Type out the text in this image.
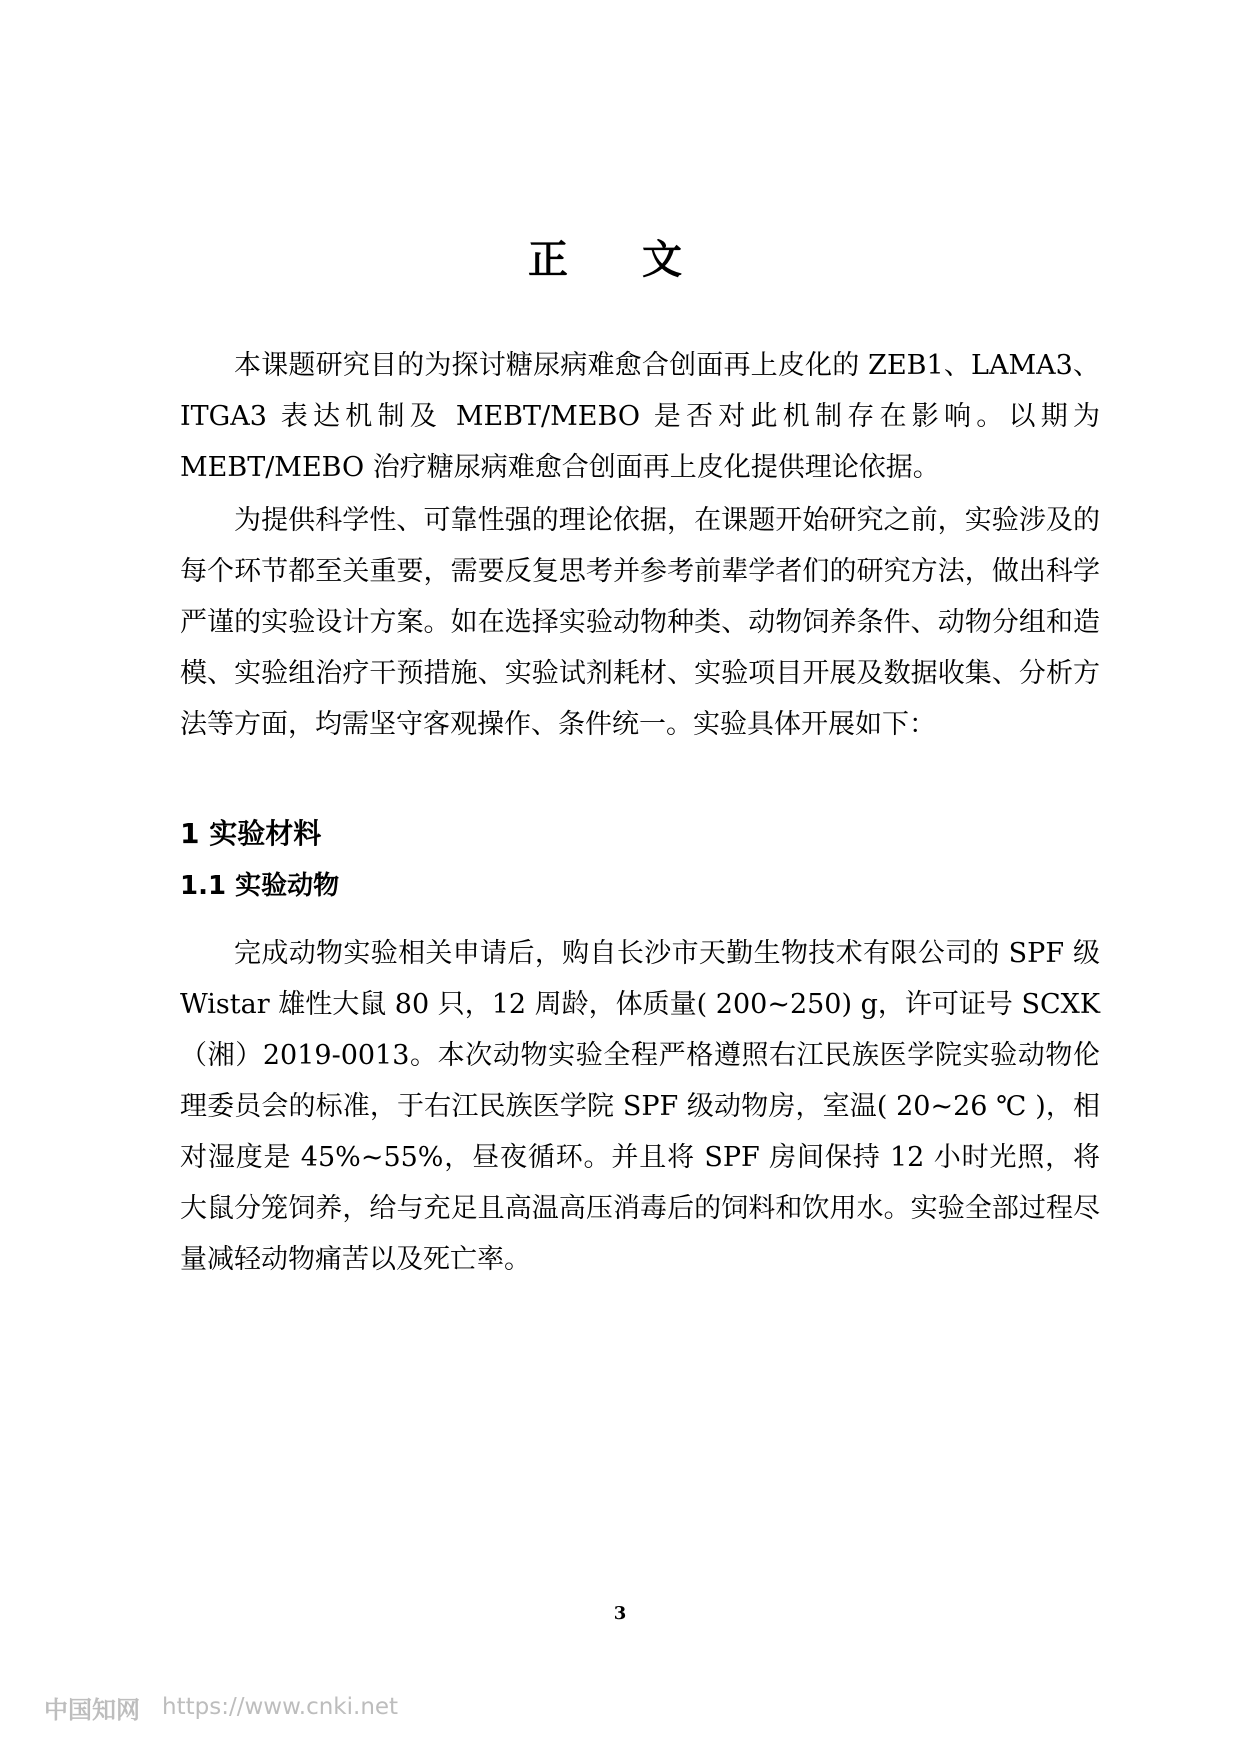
正 文

本课题研究目的为探讨糖尿病难愈合创面再上皮化的 ZEB1、LAMA3、ITGA3 表达机制及 MEBT/MEBO 是否对此机制存在影响。以期为 MEBT/MEBO 治疗糖尿病难愈合创面再上皮化提供理论依据。

为提供科学性、可靠性强的理论依据，在课题开始研究之前，实验涉及的每个环节都至关重要，需要反复思考并参考前辈学者们的研究方法，做出科学严谨的实验设计方案。如在选择实验动物种类、动物饲养条件、动物分组和造模、实验组治疗干预措施、实验试剂耗材、实验项目开展及数据收集、分析方法等方面，均需坚守客观操作、条件统一。实验具体开展如下：

1 实验材料
1.1 实验动物

完成动物实验相关申请后，购自长沙市天勤生物技术有限公司的 SPF 级 Wistar 雄性大鼠 80 只，12 周龄，体质量( 200~250) g，许可证号 SCXK（湘）2019-0013。本次动物实验全程严格遵照右江民族医学院实验动物伦理委员会的标准，于右江民族医学院 SPF 级动物房，室温( 20~26 ℃ )，相对湿度是 45%~55%，昼夜循环。并且将 SPF 房间保持 12 小时光照，将大鼠分笼饲养，给与充足且高温高压消毒后的饲料和饮用水。实验全部过程尽量减轻动物痛苦以及死亡率。

3
中国知网 https://www.cnki.net
